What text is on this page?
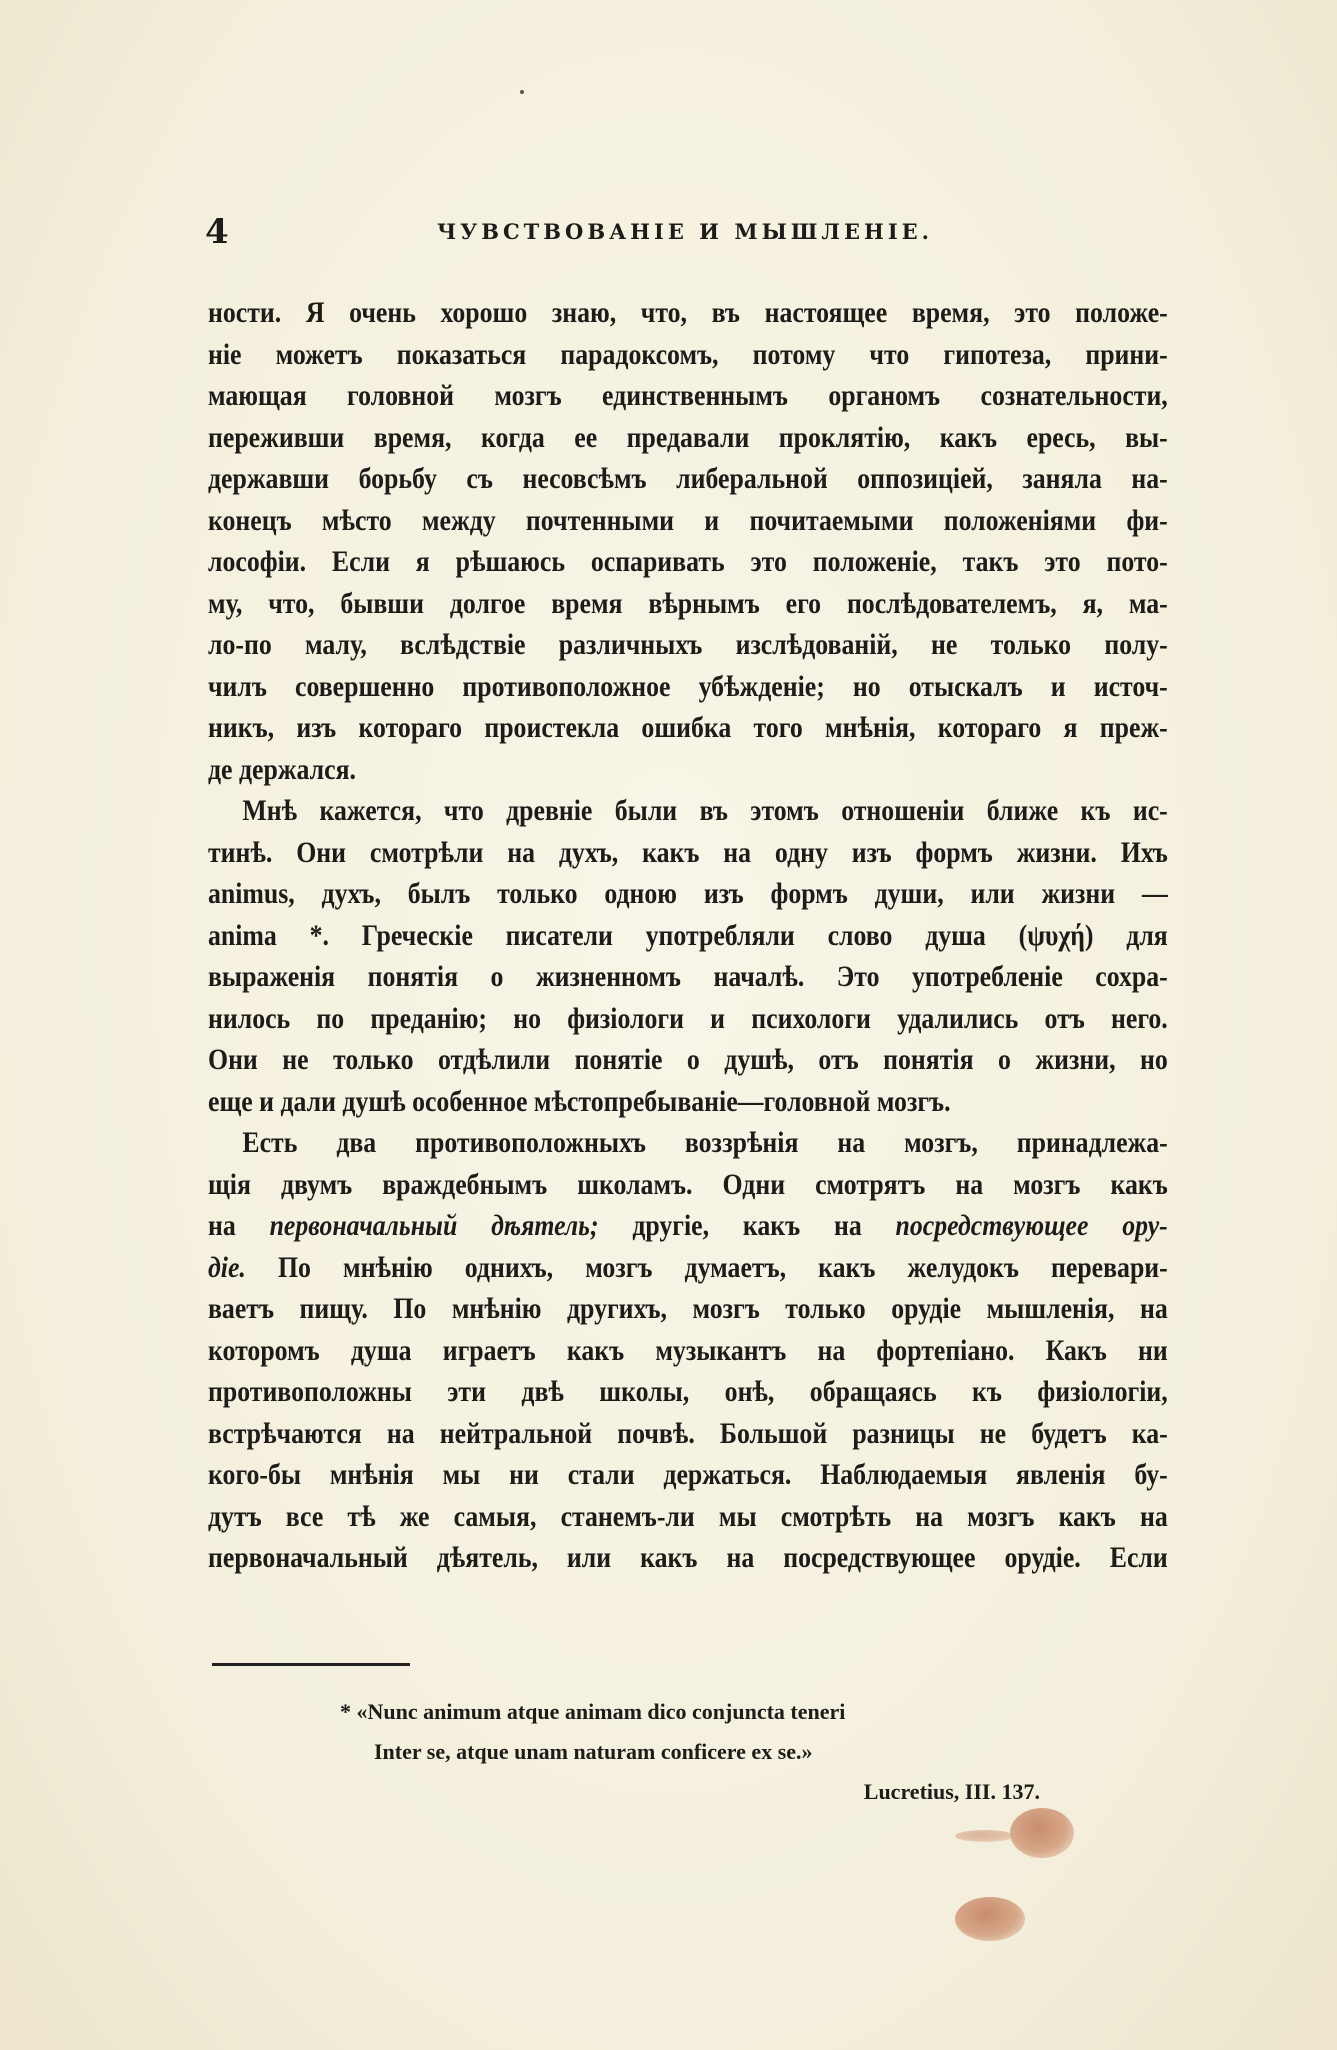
4	ЧУВСТВОВАНІЕ И МЫШЛЕНІЕ.
ности. Я очень хорошо знаю, что, въ настоящее время, это положе-
ніе можетъ показаться парадоксомъ, потому что гипотеза, прини-
мающая головной мозгъ единственнымъ органомъ сознательности,
переживши время, когда ее предавали проклятію, какъ ересь, вы-
державши борьбу съ несовсѣмъ либеральной оппозиціей, заняла на-
конецъ мѣсто между почтенными и почитаемыми положеніями фи-
лософіи. Если я рѣшаюсь оспаривать это положеніе, такъ это пото-
му, что, бывши долгое время вѣрнымъ его послѣдователемъ, я, ма-
ло-по малу, вслѣдствіе различныхъ изслѣдованій, не только полу-
чилъ совершенно противоположное убѣжденіе; но отыскалъ и источ-
никъ, изъ котораго проистекла ошибка того мнѣнія, котораго я преж-
де держался.
Мнѣ кажется, что древніе были въ этомъ отношеніи ближе къ ис-
тинѣ. Они смотрѣли на духъ, какъ на одну изъ формъ жизни. Ихъ
animus, духъ, былъ только одною изъ формъ души, или жизни —
anima *. Греческіе писатели употребляли слово душа (ψυχή) для
выраженія понятія о жизненномъ началѣ. Это употребленіе сохра-
нилось по преданію; но физіологи и психологи удалились отъ него.
Они не только отдѣлили понятіе о душѣ, отъ понятія о жизни, но
еще и дали душѣ особенное мѣстопребываніе—головной мозгъ.
Есть два противоположныхъ воззрѣнія на мозгъ, принадлежа-
щія двумъ враждебнымъ школамъ. Одни смотрятъ на мозгъ какъ
на первоначальный дѣятель; другіе, какъ на посредствующее ору-
діе. По мнѣнію однихъ, мозгъ думаетъ, какъ желудокъ перевари-
ваетъ пищу. По мнѣнію другихъ, мозгъ только орудіе мышленія, на
которомъ душа играетъ какъ музыкантъ на фортепіано. Какъ ни
противоположны эти двѣ школы, онѣ, обращаясь къ физіологіи,
встрѣчаются на нейтральной почвѣ. Большой разницы не будетъ ка-
кого-бы мнѣнія мы ни стали держаться. Наблюдаемыя явленія бу-
дутъ все тѣ же самыя, станемъ-ли мы смотрѣть на мозгъ какъ на
первоначальный дѣятель, или какъ на посредствующее орудіе. Если
* «Nunc animum atque animam dico conjuncta teneri
Inter se, atque unam naturam conficere ex se.»
Lucretius, III. 137.
